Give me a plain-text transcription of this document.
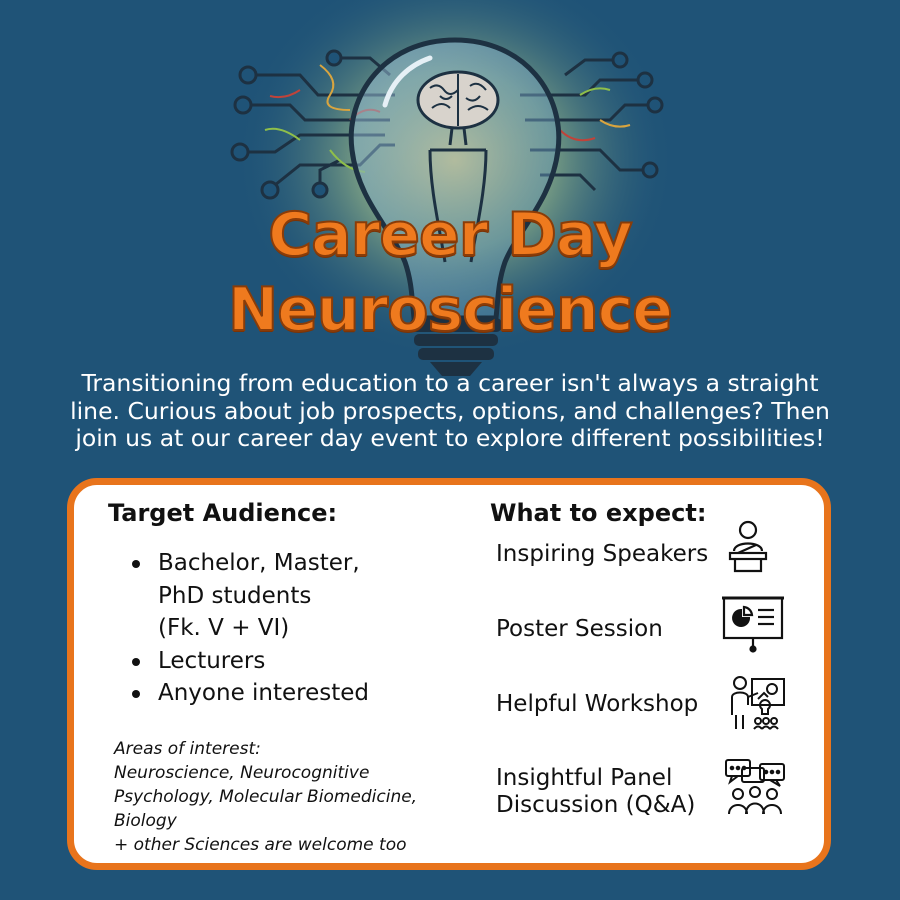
Career Day
Neuroscience
Transitioning from education to a career isn't always a straight
line. Curious about job prospects, options, and challenges? Then
join us at our career day event to explore different possibilities!
Target Audience:
Bachelor, Master,
PhD students
(Fk. V + VI)
Lecturers
Anyone interested
Areas of interest:
Neuroscience, Neurocognitive
Psychology, Molecular Biomedicine,
Biology
+ other Sciences are welcome too
What to expect:
Inspiring Speakers
Poster Session
Helpful Workshop
Insightful Panel
Discussion (Q&A)
